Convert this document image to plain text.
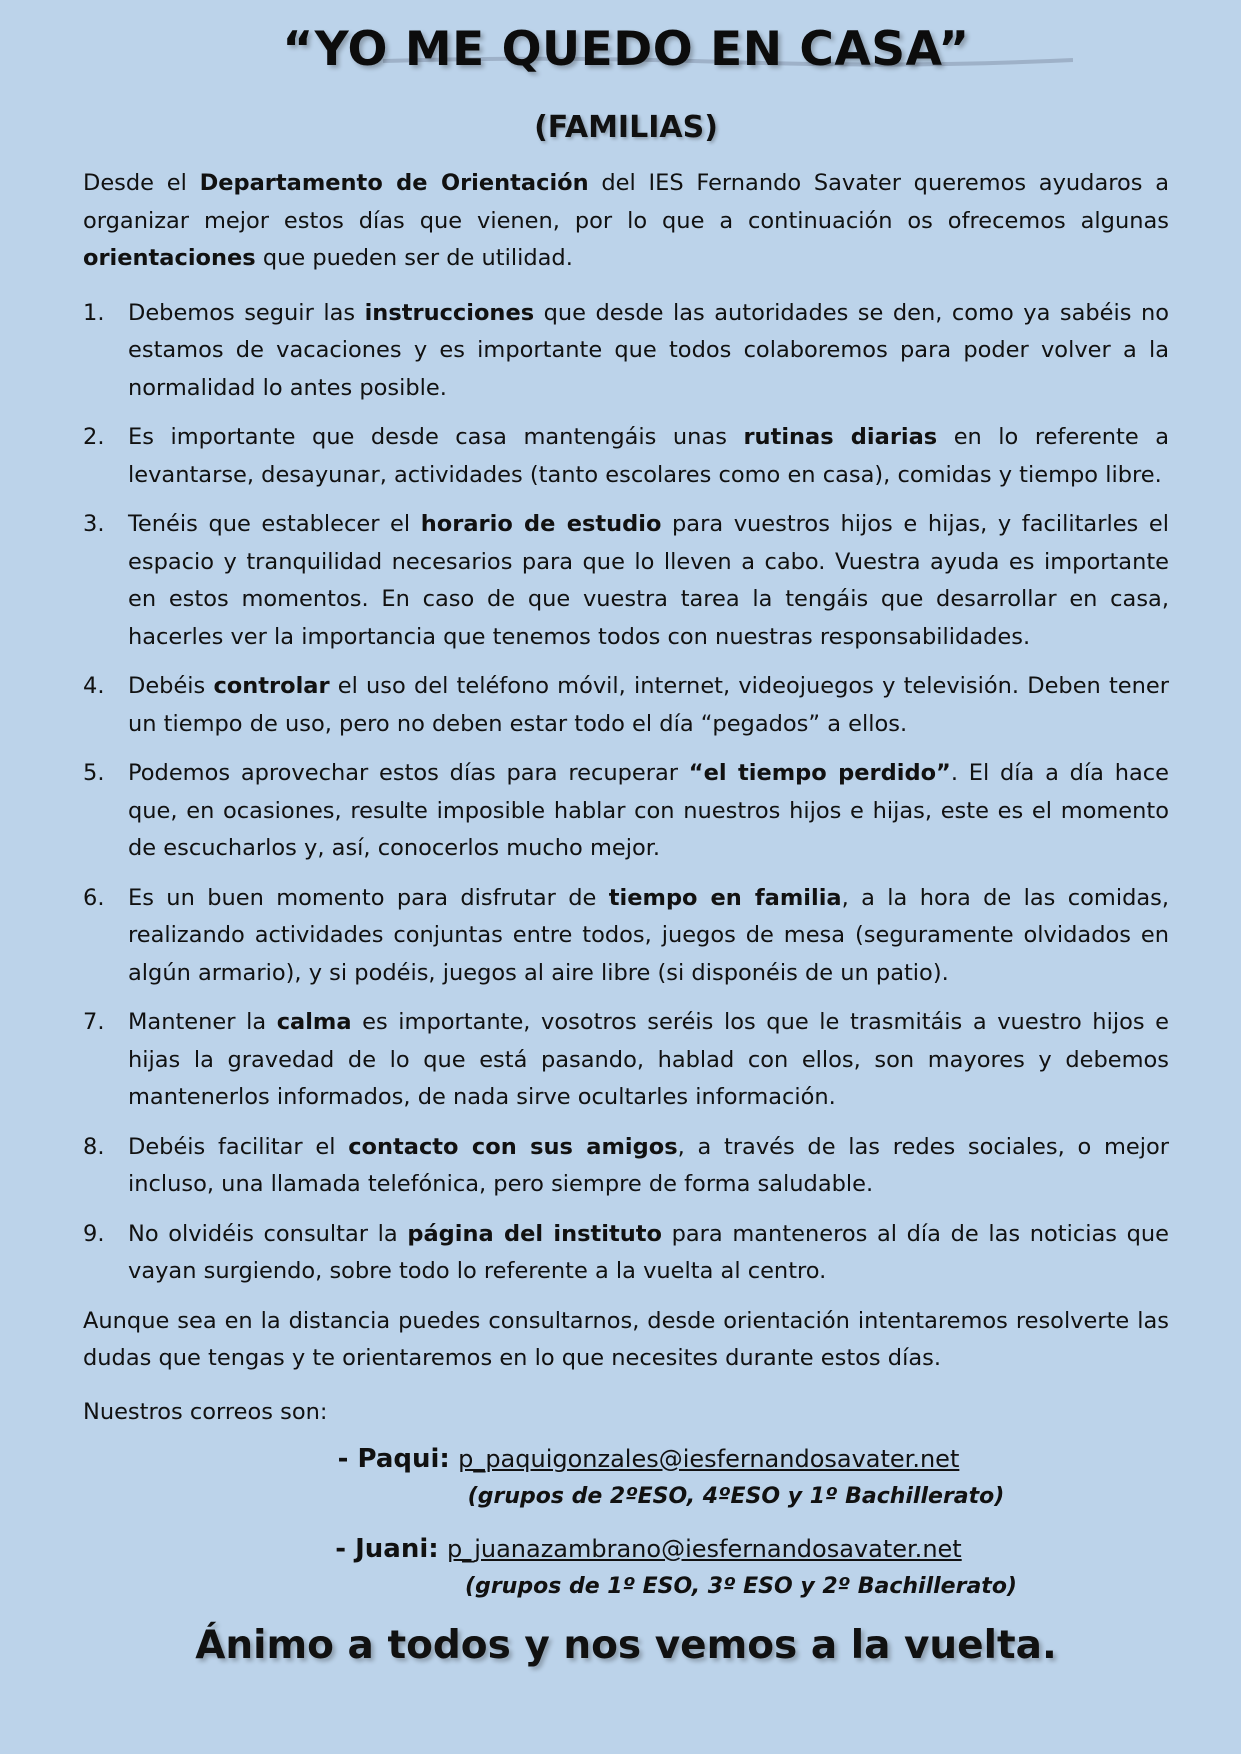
“YO ME QUEDO EN CASA”
(FAMILIAS)

Desde el Departamento de Orientación del IES Fernando Savater queremos ayudaros a organizar mejor estos días que vienen, por lo que a continuación os ofrecemos algunas orientaciones que pueden ser de utilidad.

1. Debemos seguir las instrucciones que desde las autoridades se den, como ya sabéis no estamos de vacaciones y es importante que todos colaboremos para poder volver a la normalidad lo antes posible.
2. Es importante que desde casa mantengáis unas rutinas diarias en lo referente a levantarse, desayunar, actividades (tanto escolares como en casa), comidas y tiempo libre.
3. Tenéis que establecer el horario de estudio para vuestros hijos e hijas, y facilitarles el espacio y tranquilidad necesarios para que lo lleven a cabo. Vuestra ayuda es importante en estos momentos. En caso de que vuestra tarea la tengáis que desarrollar en casa, hacerles ver la importancia que tenemos todos con nuestras responsabilidades.
4. Debéis controlar el uso del teléfono móvil, internet, videojuegos y televisión. Deben tener un tiempo de uso, pero no deben estar todo el día “pegados” a ellos.
5. Podemos aprovechar estos días para recuperar “el tiempo perdido”. El día a día hace que, en ocasiones, resulte imposible hablar con nuestros hijos e hijas, este es el momento de escucharlos y, así, conocerlos mucho mejor.
6. Es un buen momento para disfrutar de tiempo en familia, a la hora de las comidas, realizando actividades conjuntas entre todos, juegos de mesa (seguramente olvidados en algún armario), y si podéis, juegos al aire libre (si disponéis de un patio).
7. Mantener la calma es importante, vosotros seréis los que le trasmitáis a vuestro hijos e hijas la gravedad de lo que está pasando, hablad con ellos, son mayores y debemos mantenerlos informados, de nada sirve ocultarles información.
8. Debéis facilitar el contacto con sus amigos, a través de las redes sociales, o mejor incluso, una llamada telefónica, pero siempre de forma saludable.
9. No olvidéis consultar la página del instituto para manteneros al día de las noticias que vayan surgiendo, sobre todo lo referente a la vuelta al centro.

Aunque sea en la distancia puedes consultarnos, desde orientación intentaremos resolverte las dudas que tengas y te orientaremos en lo que necesites durante estos días.

Nuestros correos son:

- Paqui: p_paquigonzales@iesfernandosavater.net
(grupos de 2ºESO, 4ºESO y 1º Bachillerato)
- Juani: p_juanazambrano@iesfernandosavater.net
(grupos de 1º ESO, 3º ESO y 2º Bachillerato)
Ánimo a todos y nos vemos a la vuelta.
